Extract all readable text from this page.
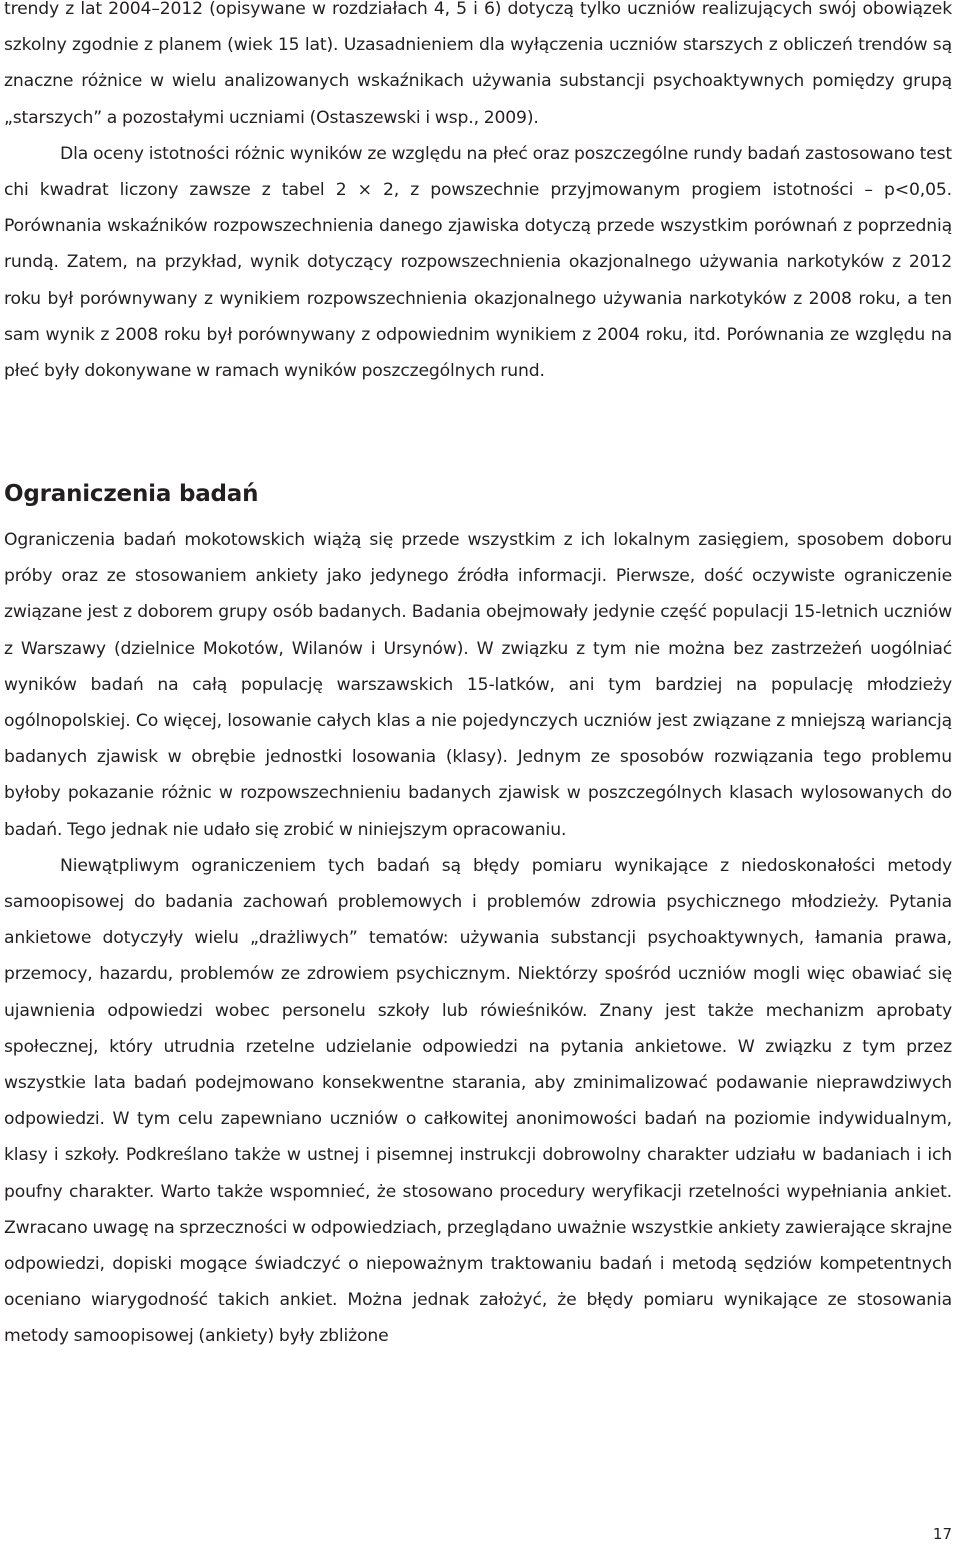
trendy z lat 2004–2012 (opisywane w rozdziałach 4, 5 i 6) dotyczą tylko uczniów realizujących swój obowiązek szkolny zgodnie z planem (wiek 15 lat). Uzasadnieniem dla wyłączenia uczniów starszych z obliczeń trendów są znaczne różnice w wielu analizowanych wskaźnikach używania substancji psychoaktywnych pomiędzy grupą „starszych” a pozostałymi uczniami (Ostaszewski i wsp., 2009).

Dla oceny istotności różnic wyników ze względu na płeć oraz poszczególne rundy badań zastosowano test chi kwadrat liczony zawsze z tabel 2 × 2, z powszechnie przyjmowanym progiem istotności – p<0,05. Porównania wskaźników rozpowszechnienia danego zjawiska dotyczą przede wszystkim porównań z poprzednią rundą. Zatem, na przykład, wynik dotyczący rozpowszechnienia okazjonalnego używania narkotyków z 2012 roku był porównywany z wynikiem rozpowszechnienia okazjonalnego używania narkotyków z 2008 roku, a ten sam wynik z 2008 roku był porównywany z odpowiednim wynikiem z 2004 roku, itd. Porównania ze względu na płeć były dokonywane w ramach wyników poszczególnych rund.

Ograniczenia badań

Ograniczenia badań mokotowskich wiążą się przede wszystkim z ich lokalnym zasięgiem, sposobem doboru próby oraz ze stosowaniem ankiety jako jedynego źródła informacji. Pierwsze, dość oczywiste ograniczenie związane jest z doborem grupy osób badanych. Badania obejmowały jedynie część populacji 15-letnich uczniów z Warszawy (dzielnice Mokotów, Wilanów i Ursynów). W związku z tym nie można bez zastrzeżeń uogólniać wyników badań na całą populację warszawskich 15-latków, ani tym bardziej na populację młodzieży ogólnopolskiej. Co więcej, losowanie całych klas a nie pojedynczych uczniów jest związane z mniejszą wariancją badanych zjawisk w obrębie jednostki losowania (klasy). Jednym ze sposobów rozwiązania tego problemu byłoby pokazanie różnic w rozpowszechnieniu badanych zjawisk w poszczególnych klasach wylosowanych do badań. Tego jednak nie udało się zrobić w niniejszym opracowaniu.

Niewątpliwym ograniczeniem tych badań są błędy pomiaru wynikające z niedoskonałości metody samoopisowej do badania zachowań problemowych i problemów zdrowia psychicznego młodzieży. Pytania ankietowe dotyczyły wielu „drażliwych” tematów: używania substancji psychoaktywnych, łamania prawa, przemocy, hazardu, problemów ze zdrowiem psychicznym. Niektórzy spośród uczniów mogli więc obawiać się ujawnienia odpowiedzi wobec personelu szkoły lub rówieśników. Znany jest także mechanizm aprobaty społecznej, który utrudnia rzetelne udzielanie odpowiedzi na pytania ankietowe. W związku z tym przez wszystkie lata badań podejmowano konsekwentne starania, aby zminimalizować podawanie nieprawdziwych odpowiedzi. W tym celu zapewniano uczniów o całkowitej anonimowości badań na poziomie indywidualnym, klasy i szkoły. Podkreślano także w ustnej i pisemnej instrukcji dobrowolny charakter udziału w badaniach i ich poufny charakter. Warto także wspomnieć, że stosowano procedury weryfikacji rzetelności wypełniania ankiet. Zwracano uwagę na sprzeczności w odpowiedziach, przeglądano uważnie wszystkie ankiety zawierające skrajne odpowiedzi, dopiski mogące świadczyć o niepoważnym traktowaniu badań i metodą sędziów kompetentnych oceniano wiarygodność takich ankiet. Można jednak założyć, że błędy pomiaru wynikające ze stosowania metody samoopisowej (ankiety) były zbliżone

17
